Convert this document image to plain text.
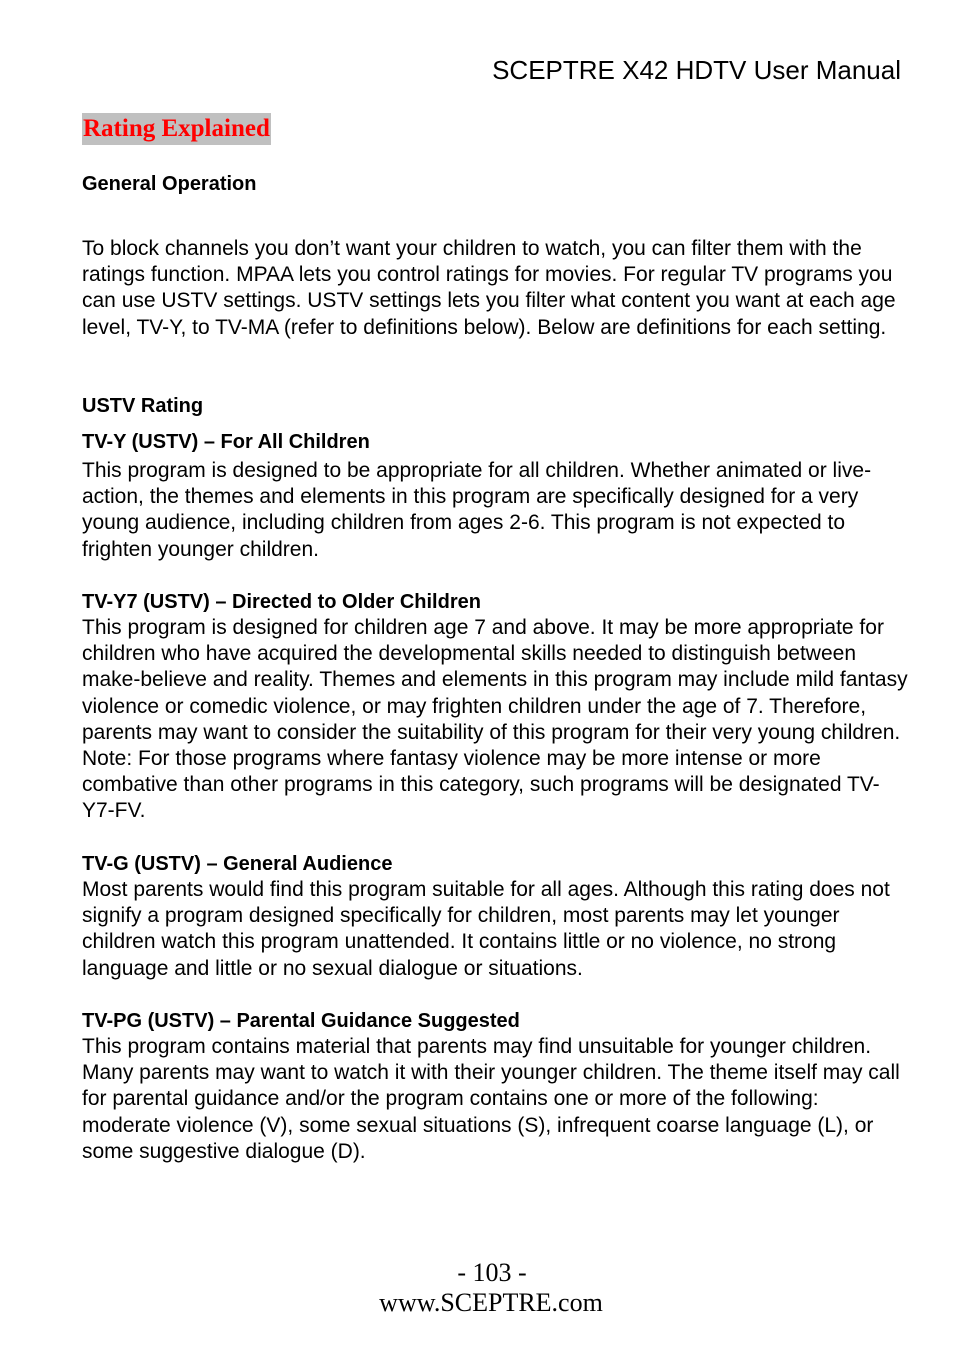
SCEPTRE X42 HDTV User Manual
Rating Explained
General Operation

To block channels you don’t want your children to watch, you can filter them with the ratings function. MPAA lets you control ratings for movies. For regular TV programs you can use USTV settings. USTV settings lets you filter what content you want at each age level, TV-Y, to TV-MA (refer to definitions below). Below are definitions for each setting.

USTV Rating
TV-Y (USTV) – For All Children

This program is designed to be appropriate for all children. Whether animated or live-action, the themes and elements in this program are specifically designed for a very young audience, including children from ages 2-6. This program is not expected to frighten younger children.

TV-Y7 (USTV) – Directed to Older Children

This program is designed for children age 7 and above. It may be more appropriate for children who have acquired the developmental skills needed to distinguish between make-believe and reality. Themes and elements in this program may include mild fantasy violence or comedic violence, or may frighten children under the age of 7. Therefore, parents may want to consider the suitability of this program for their very young children. Note: For those programs where fantasy violence may be more intense or more combative than other programs in this category, such programs will be designated TV-Y7-FV.

TV-G (USTV) – General Audience

Most parents would find this program suitable for all ages. Although this rating does not signify a program designed specifically for children, most parents may let younger children watch this program unattended. It contains little or no violence, no strong language and little or no sexual dialogue or situations.

TV-PG (USTV) – Parental Guidance Suggested

This program contains material that parents may find unsuitable for younger children. Many parents may want to watch it with their younger children. The theme itself may call for parental guidance and/or the program contains one or more of the following: moderate violence (V), some sexual situations (S), infrequent coarse language (L), or some suggestive dialogue (D).

- 103 -
www.SCEPTRE.com
